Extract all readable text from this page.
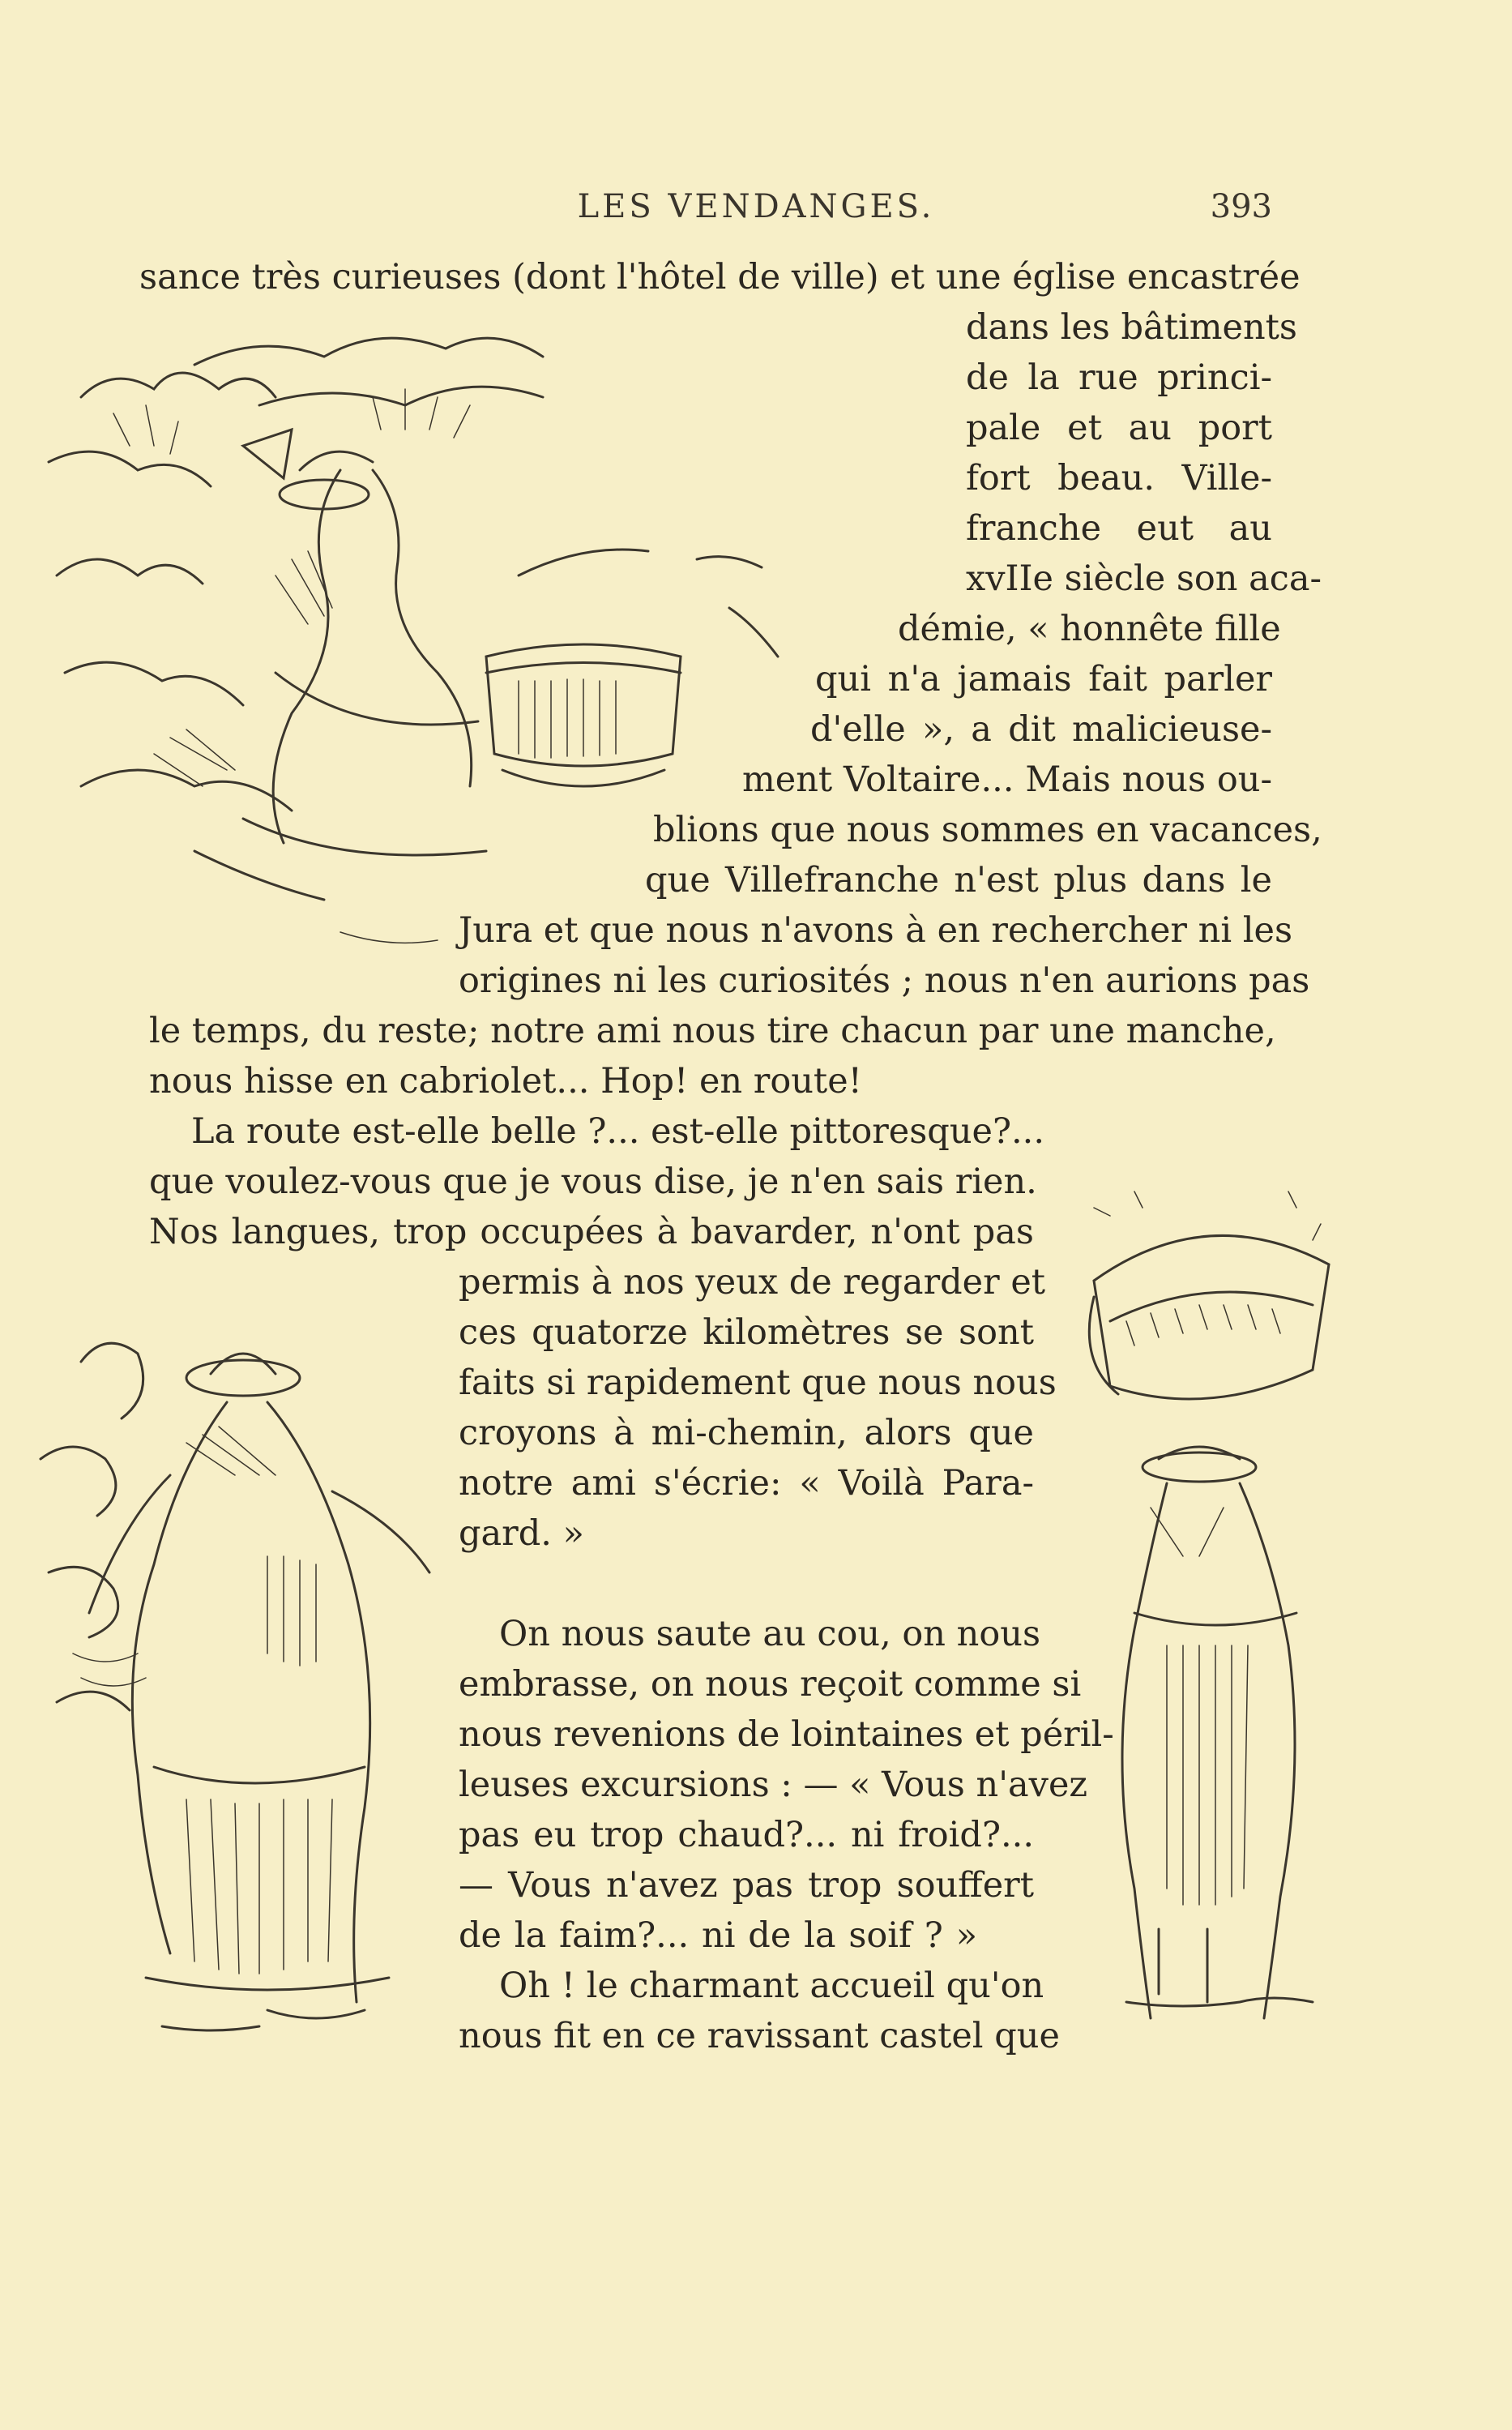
LES VENDANGES.	393
sance très curieuses (dont l'hôtel de ville) et une église encastrée
dans les bâtiments
de la rue princi-
pale et au port
fort beau. Ville-
franche eut au
xvIIe siècle son aca-
démie, « honnête fille
qui n'a jamais fait parler
d'elle », a dit malicieuse-
ment Voltaire... Mais nous ou-
blions que nous sommes en vacances,
que Villefranche n'est plus dans le
Jura et que nous n'avons à en rechercher ni les
origines ni les curiosités ; nous n'en aurions pas
le temps, du reste; notre ami nous tire chacun par une manche,
nous hisse en cabriolet... Hop! en route!
La route est-elle belle ?... est-elle pittoresque?...
que voulez-vous que je vous dise, je n'en sais rien.
Nos langues, trop occupées à bavarder, n'ont pas
permis à nos yeux de regarder et
ces quatorze kilomètres se sont
faits si rapidement que nous nous
croyons à mi-chemin, alors que
notre ami s'écrie: « Voilà Para-
gard. »
On nous saute au cou, on nous
embrasse, on nous reçoit comme si
nous revenions de lointaines et péril-
leuses excursions : — « Vous n'avez
pas eu trop chaud?... ni froid?...
— Vous n'avez pas trop souffert
de la faim?... ni de la soif ? »
Oh ! le charmant accueil qu'on
nous fit en ce ravissant castel que
